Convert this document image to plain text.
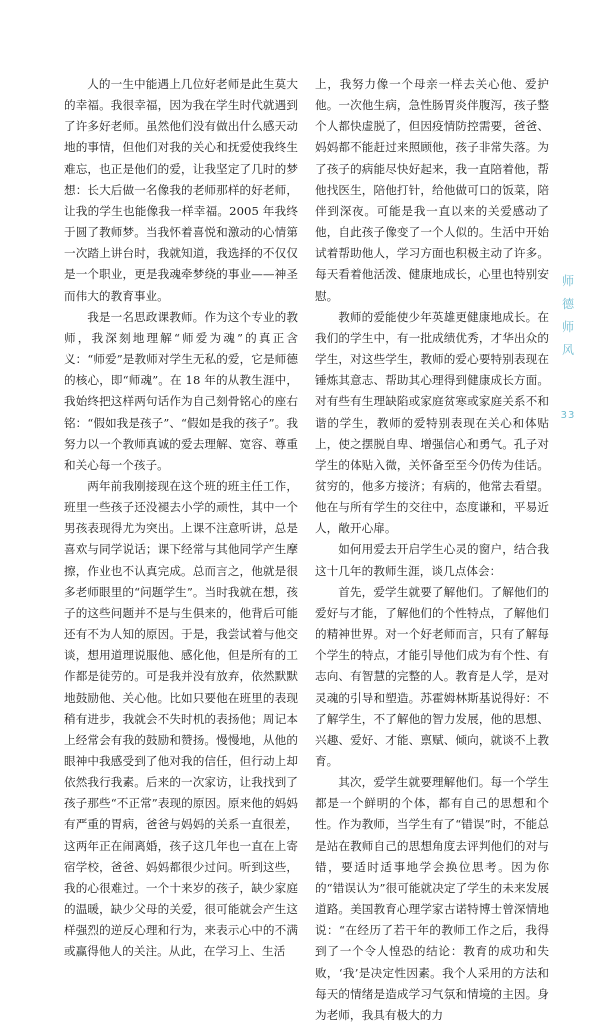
人的一生中能遇上几位好老师是此生莫大的幸福。我很幸福，因为我在学生时代就遇到了许多好老师。虽然他们没有做出什么感天动地的事情，但他们对我的关心和抚爱使我终生难忘，也正是他们的爱，让我坚定了几时的梦想：长大后做一名像我的老师那样的好老师，让我的学生也能像我一样幸福。2005 年我终于圆了教师梦。当我怀着喜悦和激动的心情第一次踏上讲台时，我就知道，我选择的不仅仅是一个职业，更是我魂牵梦绕的事业——神圣而伟大的教育事业。

我是一名思政课教师。作为这个专业的教师，我深刻地理解“师爱为魂”的真正含义：“师爱”是教师对学生无私的爱，它是师德的核心，即“师魂”。在 18 年的从教生涯中，我始终把这样两句话作为自己刻骨铭心的座右铭：“假如我是孩子”、“假如是我的孩子”。我努力以一个教师真诚的爱去理解、宽容、尊重和关心每一个孩子。

两年前我刚接现在这个班的班主任工作，班里一些孩子还没褪去小学的顽性，其中一个男孩表现得尤为突出。上课不注意听讲，总是喜欢与同学说话；课下经常与其他同学产生摩擦，作业也不认真完成。总而言之，他就是很多老师眼里的“问题学生”。当时我就在想，孩子的这些问题并不是与生俱来的，他背后可能还有不为人知的原因。于是，我尝试着与他交谈，想用道理说服他、感化他，但是所有的工作都是徒劳的。可是我并没有放弃，依然默默地鼓励他、关心他。比如只要他在班里的表现稍有进步，我就会不失时机的表扬他；周记本上经常会有我的鼓励和赞扬。慢慢地，从他的眼神中我感受到了他对我的信任，但行动上却依然我行我素。后来的一次家访，让我找到了孩子那些“不正常”表现的原因。原来他的妈妈有严重的胃病，爸爸与妈妈的关系一直很差，这两年正在闹离婚，孩子这几年也一直在上寄宿学校，爸爸、妈妈都很少过问。听到这些，我的心很难过。一个十来岁的孩子，缺少家庭的温暖，缺少父母的关爱，很可能就会产生这样强烈的逆反心理和行为，来表示心中的不满或赢得他人的关注。从此，在学习上、生活

上，我努力像一个母亲一样去关心他、爱护他。一次他生病，急性肠胃炎伴腹泻，孩子整个人都快虚脱了，但因疫情防控需要，爸爸、妈妈都不能赶过来照顾他，孩子非常失落。为了孩子的病能尽快好起来，我一直陪着他，帮他找医生，陪他打针，给他做可口的饭菜，陪伴到深夜。可能是我一直以来的关爱感动了他，自此孩子像变了一个人似的。生活中开始试着帮助他人，学习方面也积极主动了许多。每天看着他活泼、健康地成长，心里也特别安慰。

教师的爱能使少年英雄更健康地成长。在我们的学生中，有一批成绩优秀，才华出众的学生，对这些学生，教师的爱心要特别表现在锤炼其意志、帮助其心理得到健康成长方面。对有些有生理缺陷或家庭贫寒或家庭关系不和谐的学生，教师的爱特别表现在关心和体贴上，使之摆脱自卑、增强信心和勇气。孔子对学生的体贴入微，关怀备至至今仍传为佳话。贫穷的，他多方接济；有病的，他常去看望。他在与所有学生的交往中，态度谦和，平易近人，敞开心扉。

如何用爱去开启学生心灵的窗户，结合我这十几年的教师生涯，谈几点体会：

首先，爱学生就要了解他们。了解他们的爱好与才能，了解他们的个性特点，了解他们的精神世界。对一个好老师而言，只有了解每个学生的特点，才能引导他们成为有个性、有志向、有智慧的完整的人。教育是人学，是对灵魂的引导和塑造。苏霍姆林斯基说得好：不了解学生，不了解他的智力发展，他的思想、兴趣、爱好、才能、禀赋、倾向，就谈不上教育。

其次，爱学生就要理解他们。每一个学生都是一个鲜明的个体，都有自己的思想和个性。作为教师，当学生有了“错误”时，不能总是站在教师自己的思想角度去评判他们的对与错，要适时适事地学会换位思考。因为你的“错误认为”很可能就决定了学生的未来发展道路。美国教育心理学家古诺特博士曾深情地说：“在经历了若干年的教师工作之后，我得到了一个令人惶恐的结论：教育的成功和失败，‘我’是决定性因素。我个人采用的方法和每天的情绪是造成学习气氛和情境的主因。身为老师，我具有极大的力

师
德
师
风
33
